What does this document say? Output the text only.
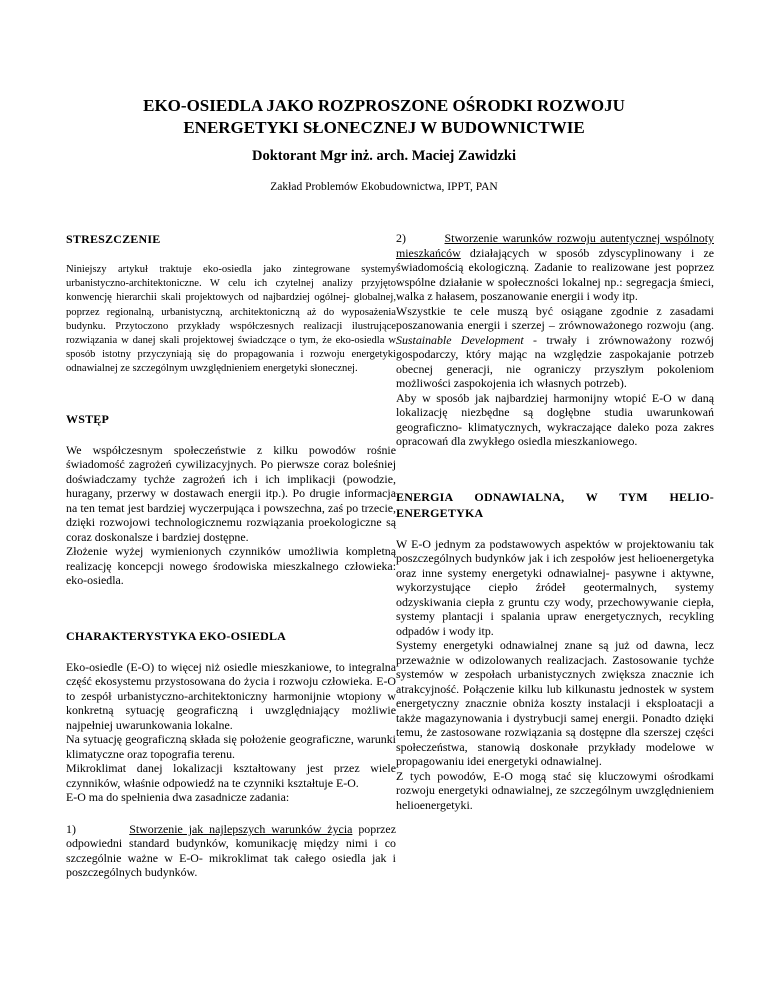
EKO-OSIEDLA JAKO ROZPROSZONE OŚRODKI ROZWOJU
ENERGETYKI SŁONECZNEJ W BUDOWNICTWIE
Doktorant Mgr inż. arch. Maciej Zawidzki
Zakład Problemów Ekobudownictwa, IPPT, PAN
STRESZCZENIE

Niniejszy artykuł traktuje eko-osiedla jako zintegrowane systemy urbanistyczno-architektoniczne. W celu ich czytelnej analizy przyjęto konwencję hierarchii skali projektowych od najbardziej ogólnej- globalnej, poprzez regionalną, urbanistyczną, architektoniczną aż do wyposażenia budynku. Przytoczono przykłady współczesnych realizacji ilustrujące rozwiązania w danej skali projektowej świadczące o tym, że eko-osiedla w sposób istotny przyczyniają się do propagowania i rozwoju energetyki odnawialnej ze szczególnym uwzględnieniem energetyki słonecznej.

WSTĘP

We współczesnym społeczeństwie z kilku powodów rośnie świadomość zagrożeń cywilizacyjnych. Po pierwsze coraz boleśniej doświadczamy tychże zagrożeń ich i ich implikacji (powodzie, huragany, przerwy w dostawach energii itp.). Po drugie informacja na ten temat jest bardziej wyczerpująca i powszechna, zaś po trzecie, dzięki rozwojowi technologicznemu rozwiązania proekologiczne są coraz doskonalsze i bardziej dostępne.

Złożenie wyżej wymienionych czynników umożliwia kompletną realizację koncepcji nowego środowiska mieszkalnego człowieka: eko-osiedla.

CHARAKTERYSTYKA EKO-OSIEDLA

Eko-osiedle (E-O) to więcej niż osiedle mieszkaniowe, to integralna część ekosystemu przystosowana do życia i rozwoju człowieka. E-O to zespół urbanistyczno-architektoniczny harmonijnie wtopiony w konkretną sytuację geograficzną i uwzględniający możliwie najpełniej uwarunkowania lokalne.

Na sytuację geograficzną składa się położenie geograficzne, warunki klimatyczne oraz topografia terenu.

Mikroklimat danej lokalizacji kształtowany jest przez wiele czynników, właśnie odpowiedź na te czynniki kształtuje E-O.

E-O ma do spełnienia dwa zasadnicze zadania:

1)	Stworzenie jak najlepszych warunków życia poprzez odpowiedni standard budynków, komunikację między nimi i co szczególnie ważne w E-O- mikroklimat tak całego osiedla jak i poszczególnych budynków.

2)	Stworzenie warunków rozwoju autentycznej wspólnoty mieszkańców działających w sposób zdyscyplinowany i ze świadomością ekologiczną. Zadanie to realizowane jest poprzez wspólne działanie w społeczności lokalnej np.: segregacja śmieci, walka z hałasem, poszanowanie energii i wody itp.

Wszystkie te cele muszą być osiągane zgodnie z zasadami poszanowania energii i szerzej – zrównoważonego rozwoju (ang. Sustainable Development - trwały i zrównoważony rozwój gospodarczy, który mając na względzie zaspokajanie potrzeb obecnej generacji, nie ograniczy przyszłym pokoleniom możliwości zaspokojenia ich własnych potrzeb).

Aby w sposób jak najbardziej harmonijny wtopić E-O w daną lokalizację niezbędne są dogłębne studia uwarunkowań geograficzno- klimatycznych, wykraczające daleko poza zakres opracowań dla zwykłego osiedla mieszkaniowego.

ENERGIA ODNAWIALNA, W TYM HELIO-ENERGETYKA

W E-O jednym za podstawowych aspektów w projektowaniu tak poszczególnych budynków jak i ich zespołów jest helioenergetyka oraz inne systemy energetyki odnawialnej- pasywne i aktywne, wykorzystujące ciepło źródeł geotermalnych, systemy odzyskiwania ciepła z gruntu czy wody, przechowywanie ciepła, systemy plantacji i spalania upraw energetycznych, recykling odpadów i wody itp.

Systemy energetyki odnawialnej znane są już od dawna, lecz przeważnie w odizolowanych realizacjach. Zastosowanie tychże systemów w zespołach urbanistycznych zwiększa znacznie ich atrakcyjność. Połączenie kilku lub kilkunastu jednostek w system energetyczny znacznie obniża koszty instalacji i eksploatacji a także magazynowania i dystrybucji samej energii. Ponadto dzięki temu, że zastosowane rozwiązania są dostępne dla szerszej części społeczeństwa, stanowią doskonałe przykłady modelowe w propagowaniu idei energetyki odnawialnej.

Z tych powodów, E-O mogą stać się kluczowymi ośrodkami rozwoju energetyki odnawialnej, ze szczególnym uwzględnieniem helioenergetyki.
